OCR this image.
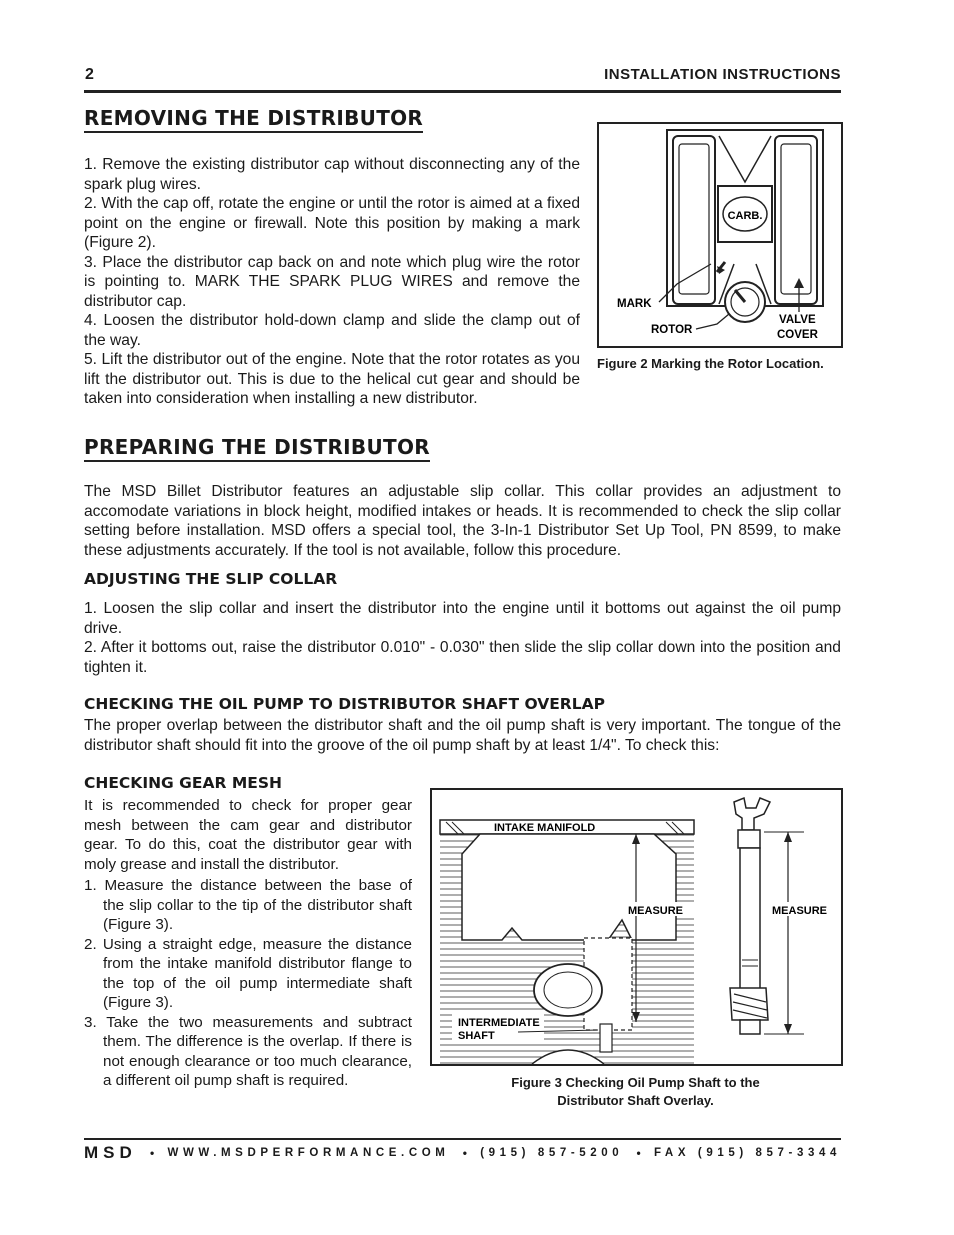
2	INSTALLATION INSTRUCTIONS
REMOVING THE DISTRIBUTOR

1. Remove the existing distributor cap without disconnecting any of the spark plug wires.

2. With the cap off, rotate the engine or until the rotor is aimed at a fixed point on the engine or firewall. Note this position by making a mark (Figure 2).

3. Place the distributor cap back on and note which plug wire the rotor is pointing to. MARK THE SPARK PLUG WIRES and remove the distributor cap.

4. Loosen the distributor hold-down clamp and slide the clamp out of the way.

5. Lift the distributor out of the engine. Note that the rotor rotates as you lift the distributor out. This is due to the helical cut gear and should be taken into consideration when installing a new distributor.

CARB.
MARK
ROTOR
VALVE
COVER
Figure 2 Marking the Rotor Location.
PREPARING THE DISTRIBUTOR
The MSD Billet Distributor features an adjustable slip collar. This collar provides an adjustment to accomodate variations in block height, modified intakes or heads. It is recommended to check the slip collar setting before installation. MSD offers a special tool, the 3-In-1 Distributor Set Up Tool, PN 8599, to make these adjustments accurately. If the tool is not available, follow this procedure.
ADJUSTING THE SLIP COLLAR

1. Loosen the slip collar and insert the distributor into the engine until it bottoms out against the oil pump drive.

2. After it bottoms out, raise the distributor 0.010" - 0.030" then slide the slip collar down into the position and tighten it.

CHECKING THE OIL PUMP TO DISTRIBUTOR SHAFT OVERLAP
The proper overlap between the distributor shaft and the oil pump shaft is very important. The tongue of the distributor shaft should fit into the groove of the oil pump shaft by at least 1/4". To check this:
CHECKING GEAR MESH
It is recommended to check for proper gear mesh between the cam gear and distributor gear. To do this, coat the distributor gear with moly grease and install the distributor.

1. Measure the distance between the base of the slip collar to the tip of the distributor shaft (Figure 3).

2. Using a straight edge, measure the distance from the intake manifold distributor flange to the top of the oil pump intermediate shaft (Figure 3).

3. Take the two measurements and subtract them. The difference is the overlap. If there is not enough clearance or too much clearance, a different oil pump shaft is required.

INTAKE MANIFOLD
MEASURE
INTERMEDIATE
SHAFT
MEASURE
Figure 3 Checking Oil Pump Shaft to the
Distributor Shaft Overlay.
MSD • WWW.MSDPERFORMANCE.COM • (915) 857-5200 • FAX (915) 857-3344
